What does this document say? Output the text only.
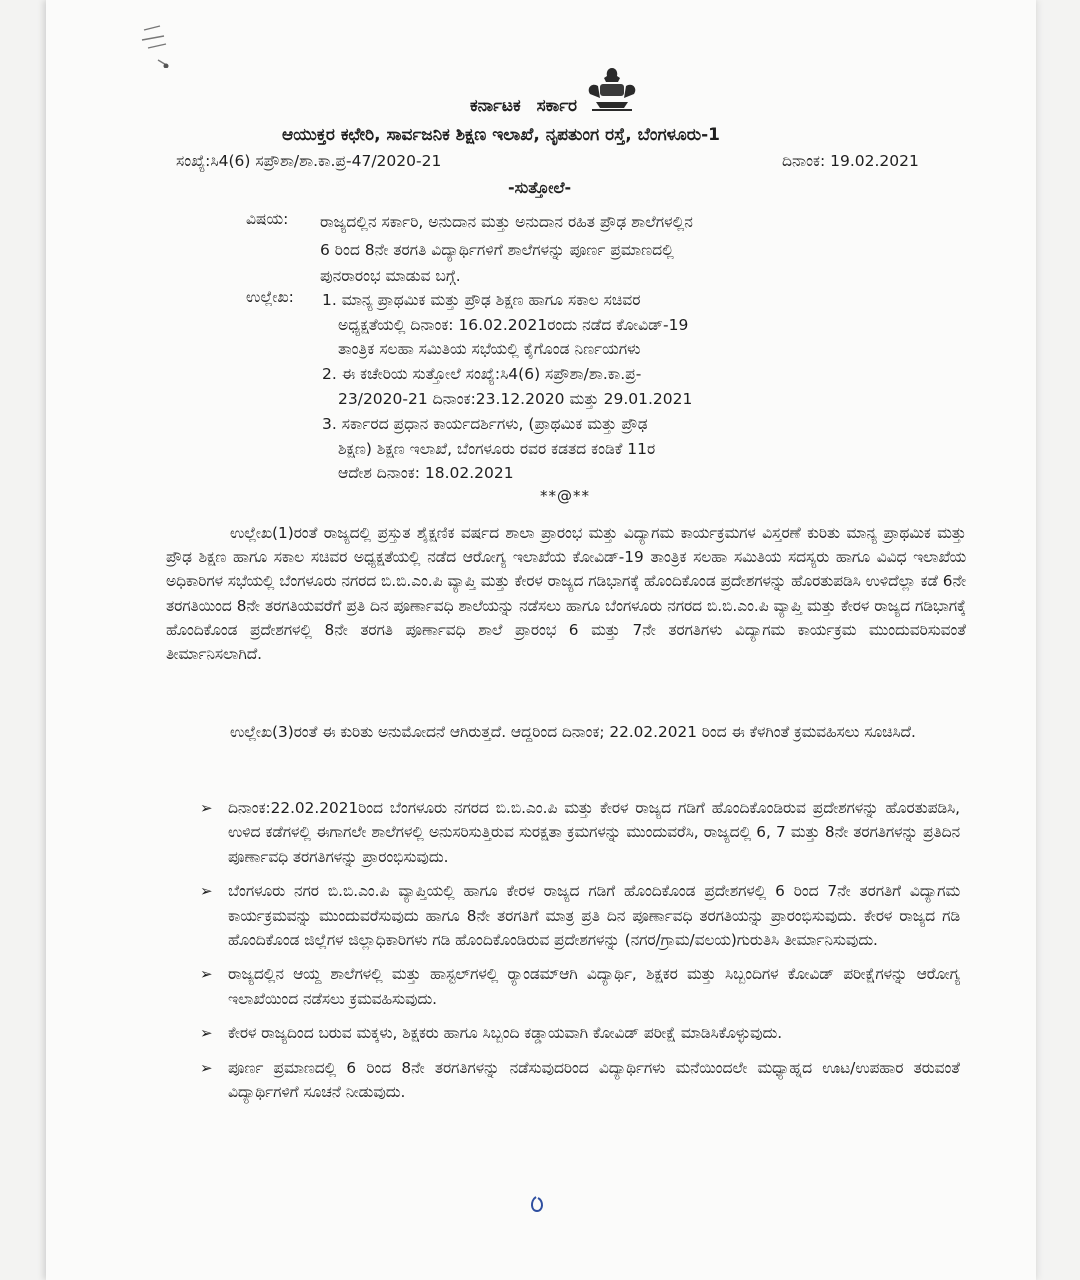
ಕರ್ನಾಟಕ ಸರ್ಕಾರ
ಆಯುಕ್ತರ ಕಛೇರಿ, ಸಾರ್ವಜನಿಕ ಶಿಕ್ಷಣ ಇಲಾಖೆ, ನೃಪತುಂಗ ರಸ್ತೆ, ಬೆಂಗಳೂರು-1
ಸಂಖ್ಯೆ:ಸಿ4(6) ಸಪ್ರೌಶಾ/ಶಾ.ಕಾ.ಪ್ರ-47/2020-21	ದಿನಾಂಕ: 19.02.2021
-ಸುತ್ತೋಲೆ-
ವಿಷಯ: ರಾಜ್ಯದಲ್ಲಿನ ಸರ್ಕಾರಿ, ಅನುದಾನ ಮತ್ತು ಅನುದಾನ ರಹಿತ ಪ್ರೌಢ ಶಾಲೆಗಳಲ್ಲಿನ
6 ರಿಂದ 8ನೇ ತರಗತಿ ವಿದ್ಯಾರ್ಥಿಗಳಿಗೆ ಶಾಲೆಗಳನ್ನು ಪೂರ್ಣ ಪ್ರಮಾಣದಲ್ಲಿ
ಪುನರಾರಂಭ ಮಾಡುವ ಬಗ್ಗೆ.
ಉಲ್ಲೇಖ: 1. ಮಾನ್ಯ ಪ್ರಾಥಮಿಕ ಮತ್ತು ಪ್ರೌಢ ಶಿಕ್ಷಣ ಹಾಗೂ ಸಕಾಲ ಸಚಿವರ
ಅಧ್ಯಕ್ಷತೆಯಲ್ಲಿ ದಿನಾಂಕ: 16.02.2021ರಂದು ನಡೆದ ಕೋವಿಡ್-19
ತಾಂತ್ರಿಕ ಸಲಹಾ ಸಮಿತಿಯ ಸಭೆಯಲ್ಲಿ ಕೈಗೊಂಡ ನಿರ್ಣಯಗಳು
2. ಈ ಕಚೇರಿಯ ಸುತ್ತೋಲೆ ಸಂಖ್ಯೆ:ಸಿ4(6) ಸಪ್ರೌಶಾ/ಶಾ.ಕಾ.ಪ್ರ-
23/2020-21 ದಿನಾಂಕ:23.12.2020 ಮತ್ತು 29.01.2021
3. ಸರ್ಕಾರದ ಪ್ರಧಾನ ಕಾರ್ಯದರ್ಶಿಗಳು, (ಪ್ರಾಥಮಿಕ ಮತ್ತು ಪ್ರೌಢ
ಶಿಕ್ಷಣ) ಶಿಕ್ಷಣ ಇಲಾಖೆ, ಬೆಂಗಳೂರು ರವರ ಕಡತದ ಕಂಡಿಕೆ 11ರ
ಆದೇಶ ದಿನಾಂಕ: 18.02.2021
**@**
ಉಲ್ಲೇಖ(1)ರಂತೆ ರಾಜ್ಯದಲ್ಲಿ ಪ್ರಸ್ತುತ ಶೈಕ್ಷಣಿಕ ವರ್ಷದ ಶಾಲಾ ಪ್ರಾರಂಭ ಮತ್ತು ವಿದ್ಯಾಗಮ ಕಾರ್ಯಕ್ರಮಗಳ ವಿಸ್ತರಣೆ ಕುರಿತು ಮಾನ್ಯ ಪ್ರಾಥಮಿಕ ಮತ್ತು ಪ್ರೌಢ ಶಿಕ್ಷಣ ಹಾಗೂ ಸಕಾಲ ಸಚಿವರ ಅಧ್ಯಕ್ಷತೆಯಲ್ಲಿ ನಡೆದ ಆರೋಗ್ಯ ಇಲಾಖೆಯ ಕೋವಿಡ್-19 ತಾಂತ್ರಿಕ ಸಲಹಾ ಸಮಿತಿಯ ಸದಸ್ಯರು ಹಾಗೂ ವಿವಿಧ ಇಲಾಖೆಯ ಅಧಿಕಾರಿಗಳ ಸಭೆಯಲ್ಲಿ ಬೆಂಗಳೂರು ನಗರದ ಬಿ.ಬಿ.ಎಂ.ಪಿ ವ್ಯಾಪ್ತಿ ಮತ್ತು ಕೇರಳ ರಾಜ್ಯದ ಗಡಿಭಾಗಕ್ಕೆ ಹೊಂದಿಕೊಂಡ ಪ್ರದೇಶಗಳನ್ನು ಹೊರತುಪಡಿಸಿ ಉಳಿದೆಲ್ಲಾ ಕಡೆ 6ನೇ ತರಗತಿಯಿಂದ 8ನೇ ತರಗತಿಯವರೆಗೆ ಪ್ರತಿ ದಿನ ಪೂರ್ಣಾವಧಿ ಶಾಲೆಯನ್ನು ನಡೆಸಲು ಹಾಗೂ ಬೆಂಗಳೂರು ನಗರದ ಬಿ.ಬಿ.ಎಂ.ಪಿ ವ್ಯಾಪ್ತಿ ಮತ್ತು ಕೇರಳ ರಾಜ್ಯದ ಗಡಿಭಾಗಕ್ಕೆ ಹೊಂದಿಕೊಂಡ ಪ್ರದೇಶಗಳಲ್ಲಿ 8ನೇ ತರಗತಿ ಪೂರ್ಣಾವಧಿ ಶಾಲೆ ಪ್ರಾರಂಭ 6 ಮತ್ತು 7ನೇ ತರಗತಿಗಳು ವಿದ್ಯಾಗಮ ಕಾರ್ಯಕ್ರಮ ಮುಂದುವರಿಸುವಂತೆ ತೀರ್ಮಾನಿಸಲಾಗಿದೆ.
ಉಲ್ಲೇಖ(3)ರಂತೆ ಈ ಕುರಿತು ಅನುಮೋದನೆ ಆಗಿರುತ್ತದೆ. ಆದ್ದರಿಂದ ದಿನಾಂಕ; 22.02.2021 ರಿಂದ ಈ ಕೆಳಗಿಂತೆ ಕ್ರಮವಹಿಸಲು ಸೂಚಿಸಿದೆ.
➢ ದಿನಾಂಕ:22.02.2021ರಿಂದ ಬೆಂಗಳೂರು ನಗರದ ಬಿ.ಬಿ.ಎಂ.ಪಿ ಮತ್ತು ಕೇರಳ ರಾಜ್ಯದ ಗಡಿಗೆ ಹೊಂದಿಕೊಂಡಿರುವ ಪ್ರದೇಶಗಳನ್ನು ಹೊರತುಪಡಿಸಿ, ಉಳಿದ ಕಡೆಗಳಲ್ಲಿ ಈಗಾಗಲೇ ಶಾಲೆಗಳಲ್ಲಿ ಅನುಸರಿಸುತ್ತಿರುವ ಸುರಕ್ಷತಾ ಕ್ರಮಗಳನ್ನು ಮುಂದುವರೆಸಿ, ರಾಜ್ಯದಲ್ಲಿ 6, 7 ಮತ್ತು 8ನೇ ತರಗತಿಗಳನ್ನು ಪ್ರತಿದಿನ ಪೂರ್ಣಾವಧಿ ತರಗತಿಗಳನ್ನು ಪ್ರಾರಂಭಿಸುವುದು.
➢ ಬೆಂಗಳೂರು ನಗರ ಬಿ.ಬಿ.ಎಂ.ಪಿ ವ್ಯಾಪ್ತಿಯಲ್ಲಿ ಹಾಗೂ ಕೇರಳ ರಾಜ್ಯದ ಗಡಿಗೆ ಹೊಂದಿಕೊಂಡ ಪ್ರದೇಶಗಳಲ್ಲಿ 6 ರಿಂದ 7ನೇ ತರಗತಿಗೆ ವಿದ್ಯಾಗಮ ಕಾರ್ಯಕ್ರಮವನ್ನು ಮುಂದುವರೆಸುವುದು ಹಾಗೂ 8ನೇ ತರಗತಿಗೆ ಮಾತ್ರ ಪ್ರತಿ ದಿನ ಪೂರ್ಣಾವಧಿ ತರಗತಿಯನ್ನು ಪ್ರಾರಂಭಿಸುವುದು. ಕೇರಳ ರಾಜ್ಯದ ಗಡಿ ಹೊಂದಿಕೊಂಡ ಜಿಲ್ಲೆಗಳ ಜಿಲ್ಲಾಧಿಕಾರಿಗಳು ಗಡಿ ಹೊಂದಿಕೊಂಡಿರುವ ಪ್ರದೇಶಗಳನ್ನು (ನಗರ/ಗ್ರಾಮ/ವಲಯ)ಗುರುತಿಸಿ ತೀರ್ಮಾನಿಸುವುದು.
➢ ರಾಜ್ಯದಲ್ಲಿನ ಆಯ್ದ ಶಾಲೆಗಳಲ್ಲಿ ಮತ್ತು ಹಾಸ್ಟಲ್‌ಗಳಲ್ಲಿ ರ‍್ಯಾಂಡಮ್‌ಆಗಿ ವಿದ್ಯಾರ್ಥಿ, ಶಿಕ್ಷಕರ ಮತ್ತು ಸಿಬ್ಬಂದಿಗಳ ಕೋವಿಡ್ ಪರೀಕ್ಷೆಗಳನ್ನು ಆರೋಗ್ಯ ಇಲಾಖೆಯಿಂದ ನಡೆಸಲು ಕ್ರಮವಹಿಸುವುದು.
➢ ಕೇರಳ ರಾಜ್ಯದಿಂದ ಬರುವ ಮಕ್ಕಳು, ಶಿಕ್ಷಕರು ಹಾಗೂ ಸಿಬ್ಬಂದಿ ಕಡ್ಡಾಯವಾಗಿ ಕೋವಿಡ್ ಪರೀಕ್ಷೆ ಮಾಡಿಸಿಕೊಳ್ಳುವುದು.
➢ ಪೂರ್ಣ ಪ್ರಮಾಣದಲ್ಲಿ 6 ರಿಂದ 8ನೇ ತರಗತಿಗಳನ್ನು ನಡೆಸುವುದರಿಂದ ವಿದ್ಯಾರ್ಥಿಗಳು ಮನೆಯಿಂದಲೇ ಮಧ್ಯಾಹ್ನದ ಊಟ/ಉಪಹಾರ ತರುವಂತೆ ವಿದ್ಯಾರ್ಥಿಗಳಿಗೆ ಸೂಚನೆ ನೀಡುವುದು.
